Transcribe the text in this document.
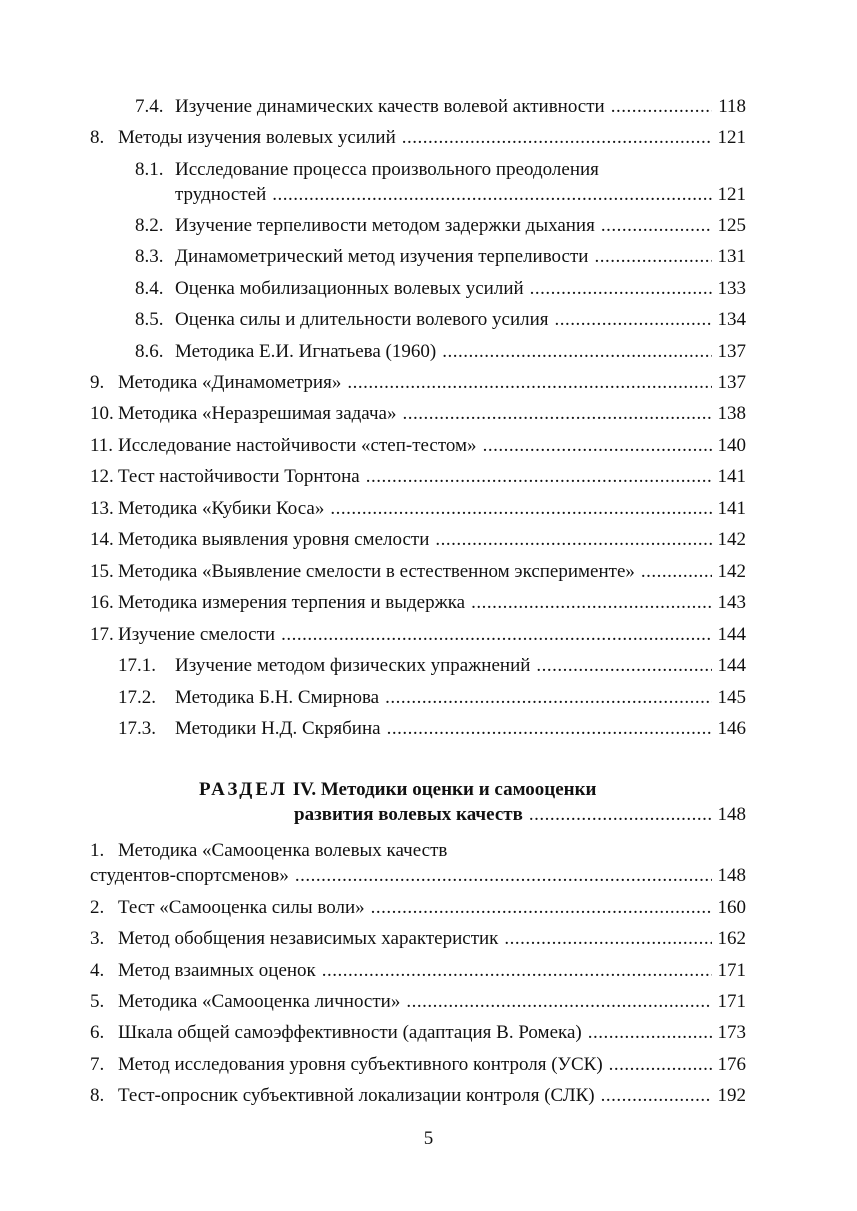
7.4. Изучение динамических качеств волевой активности .....	118
8. Методы изучения волевых усилий .....	121
8.1. Исследование процесса произвольного преодоления
трудностей .....	121
8.2. Изучение терпеливости методом задержки дыхания .....	125
8.3. Динамометрический метод изучения терпеливости .....	131
8.4. Оценка мобилизационных волевых усилий .....	133
8.5. Оценка силы и длительности волевого усилия .....	134
8.6. Методика Е.И. Игнатьева (1960) .....	137
9. Методика «Динамометрия» .....	137
10. Методика «Неразрешимая задача» .....	138
11. Исследование настойчивости «степ-тестом» .....	140
12. Тест настойчивости Торнтона .....	141
13. Методика «Кубики Коса» .....	141
14. Методика выявления уровня смелости .....	142
15. Методика «Выявление смелости в естественном эксперименте» .....	142
16. Методика измерения терпения и выдержка .....	143
17. Изучение смелости .....	144
17.1. Изучение методом физических упражнений .....	144
17.2. Методика Б.Н. Смирнова .....	145
17.3. Методики Н.Д. Скрябина .....	146
РАЗДЕЛ IV. Методики оценки и самооценки
развития волевых качеств .....	148
1. Методика «Самооценка волевых качеств
студентов-спортсменов» .....	148
2. Тест «Самооценка силы воли» .....	160
3. Метод обобщения независимых характеристик .....	162
4. Метод взаимных оценок .....	171
5. Методика «Самооценка личности» .....	171
6. Шкала общей самоэффективности (адаптация В. Ромека) .....	173
7. Метод исследования уровня субъективного контроля (УСК) .....	176
8. Тест-опросник субъективной локализации контроля (СЛК) .....	192
5
